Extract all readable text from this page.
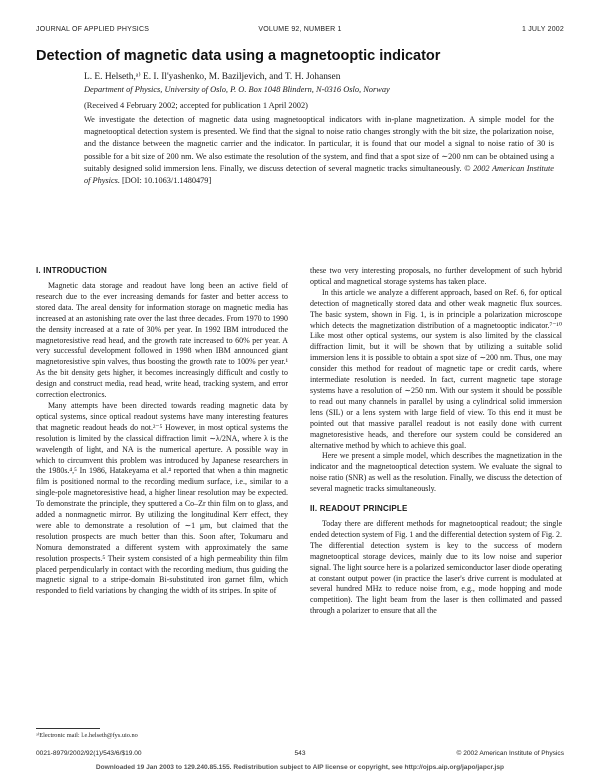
JOURNAL OF APPLIED PHYSICS	VOLUME 92, NUMBER 1	1 JULY 2002
Detection of magnetic data using a magnetooptic indicator
L. E. Helseth,ᵃ⁾ E. I. Il'yashenko, M. Baziljevich, and T. H. Johansen
Department of Physics, University of Oslo, P. O. Box 1048 Blindern, N-0316 Oslo, Norway
(Received 4 February 2002; accepted for publication 1 April 2002)

We investigate the detection of magnetic data using magnetooptical indicators with in-plane magnetization. A simple model for the magnetooptical detection system is presented. We find that the signal to noise ratio changes strongly with the bit size, the polarization noise, and the distance between the magnetic carrier and the indicator. In particular, it is found that our model a signal to noise ratio of 30 is possible for a bit size of 200 nm. We also estimate the resolution of the system, and find that a spot size of ∼200 nm can be obtained using a suitably designed solid immersion lens. Finally, we discuss detection of several magnetic tracks simultaneously. © 2002 American Institute of Physics. [DOI: 10.1063/1.1480479]

I. INTRODUCTION

Magnetic data storage and readout have long been an active field of research due to the ever increasing demands for faster and better access to stored data. The areal density for information storage on magnetic media has increased at an astonishing rate over the last three decades. From 1970 to 1990 the density increased at a rate of 30% per year. In 1992 IBM introduced the magnetoresistive read head, and the growth rate increased to 60% per year. A very successful development followed in 1998 when IBM announced giant magnetoresistive spin valves, thus boosting the growth rate to 100% per year.¹ As the bit density gets higher, it becomes increasingly difficult and costly to design and construct media, read head, write head, tracking system, and error correction electronics.

Many attempts have been directed towards reading magnetic data by optical systems, since optical readout systems have many interesting features that magnetic readout heads do not.²⁻⁵ However, in most optical systems the resolution is limited by the classical diffraction limit ∼λ/2NA, where λ is the wavelength of light, and NA is the numerical aperture. A possible way in which to circumvent this problem was introduced by Japanese researchers in the 1980s.⁴,⁵ In 1986, Hatakeyama et al.⁴ reported that when a thin magnetic film is positioned normal to the recording medium surface, i.e., similar to a single-pole magnetoresistive head, a higher linear resolution may be expected. To demonstrate the principle, they sputtered a Co–Zr thin film on to glass, and added a nonmagnetic mirror. By utilizing the longitudinal Kerr effect, they were able to demonstrate a resolution of ∼1 μm, but claimed that the resolution prospects are much better than this. Soon after, Tokumaru and Nomura demonstrated a different system with approximately the same resolution prospects.⁵ Their system consisted of a high permeability thin film placed perpendicularly in contact with the recording medium, thus guiding the magnetic signal to a stripe-domain Bi-substituted iron garnet film, which responded to field variations by changing the width of its stripes. In spite of

these two very interesting proposals, no further development of such hybrid optical and magnetical storage systems has taken place.

In this article we analyze a different approach, based on Ref. 6, for optical detection of magnetically stored data and other weak magnetic flux sources. The basic system, shown in Fig. 1, is in principle a polarization microscope which detects the magnetization distribution of a magnetooptic indicator.⁷⁻¹⁰ Like most other optical systems, our system is also limited by the classical diffraction limit, but it will be shown that by utilizing a suitable solid immersion lens it is possible to obtain a spot size of ∼200 nm. Thus, one may consider this method for readout of magnetic tape or credit cards, where intermediate resolution is needed. In fact, current magnetic tape storage systems have a resolution of ∼250 nm. With our system it should be possible to read out many channels in parallel by using a cylindrical solid immersion lens (SIL) or a lens system with large field of view. To this end it must be pointed out that massive parallel readout is not easily done with current magnetoresistive heads, and therefore our system could be considered an alternative method by which to achieve this goal.

Here we present a simple model, which describes the magnetization in the indicator and the magnetooptical detection system. We evaluate the signal to noise ratio (SNR) as well as the resolution. Finally, we discuss the detection of several magnetic tracks simultaneously.

II. READOUT PRINCIPLE

Today there are different methods for magnetooptical readout; the single ended detection system of Fig. 1 and the differential detection system of Fig. 2. The differential detection system is key to the success of modern magnetooptical storage devices, mainly due to its low noise and superior signal. The light source here is a polarized semiconductor laser diode operating at constant output power (in practice the laser's drive current is modulated at several hundred MHz to reduce noise from, e.g., mode hopping and mode competition). The light beam from the laser is then collimated and passed through a polarizer to ensure that all the

ᵃ⁾Electronic mail: l.e.helseth@fys.uio.no
0021-8979/2002/92(1)/543/6/$19.00	543	© 2002 American Institute of Physics
Downloaded 19 Jan 2003 to 129.240.85.155. Redistribution subject to AIP license or copyright, see http://ojps.aip.org/japo/japcr.jsp
